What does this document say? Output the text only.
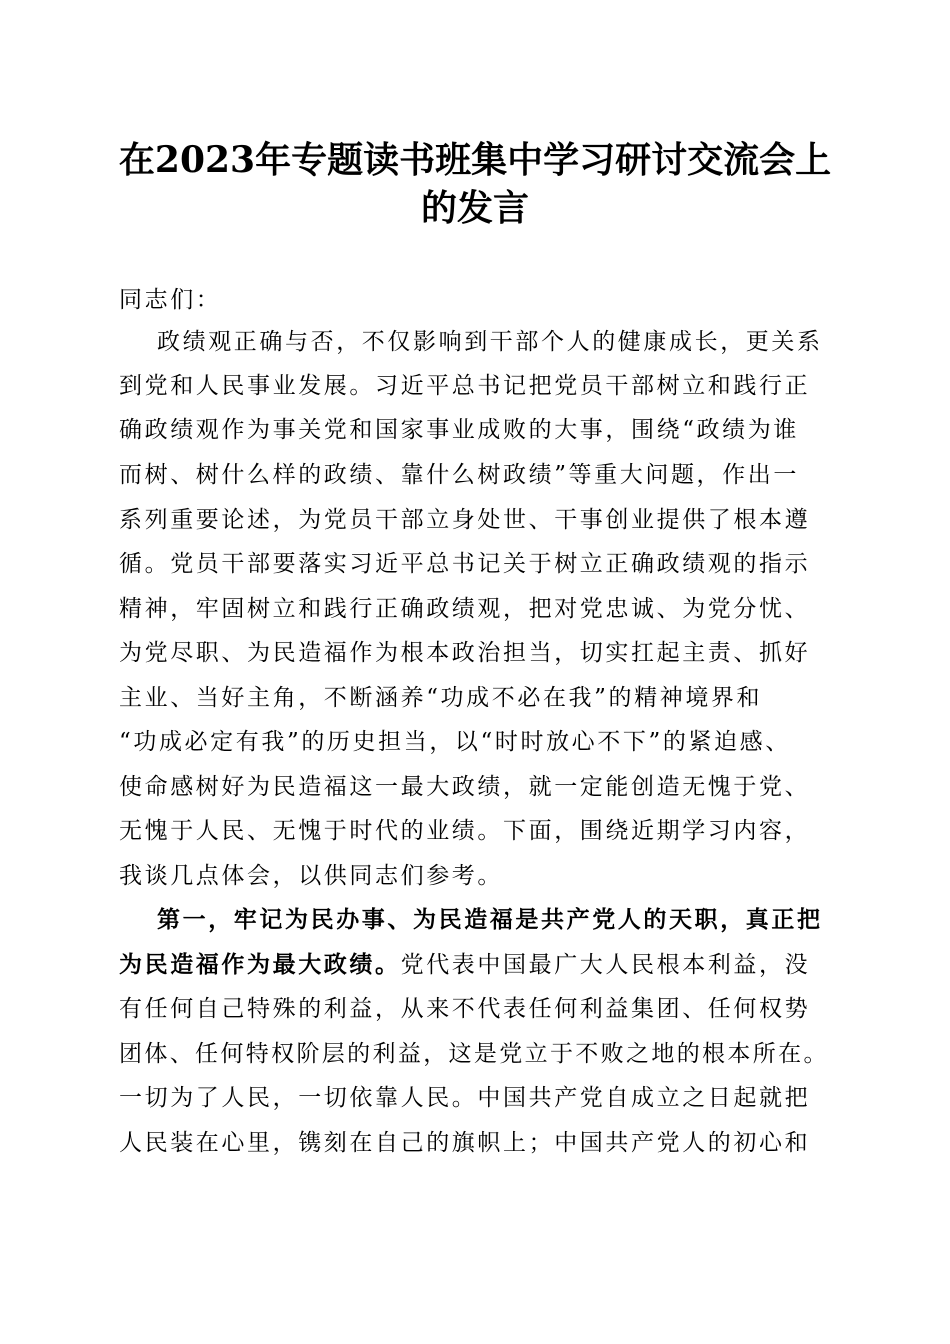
在2023年专题读书班集中学习研讨交流会上
的发言

同志们：

政绩观正确与否，不仅影响到干部个人的健康成长，更关系

到党和人民事业发展。习近平总书记把党员干部树立和践行正

确政绩观作为事关党和国家事业成败的大事，围绕“政绩为谁

而树、树什么样的政绩、靠什么树政绩”等重大问题，作出一

系列重要论述，为党员干部立身处世、干事创业提供了根本遵

循。党员干部要落实习近平总书记关于树立正确政绩观的指示

精神，牢固树立和践行正确政绩观，把对党忠诚、为党分忧、

为党尽职、为民造福作为根本政治担当，切实扛起主责、抓好

主业、当好主角，不断涵养“功成不必在我”的精神境界和

“功成必定有我”的历史担当，以“时时放心不下”的紧迫感、

使命感树好为民造福这一最大政绩，就一定能创造无愧于党、

无愧于人民、无愧于时代的业绩。下面，围绕近期学习内容，

我谈几点体会，以供同志们参考。

第一，牢记为民办事、为民造福是共产党人的天职，真正把

为民造福作为最大政绩。党代表中国最广大人民根本利益，没

有任何自己特殊的利益，从来不代表任何利益集团、任何权势

团体、任何特权阶层的利益，这是党立于不败之地的根本所在。

一切为了人民，一切依靠人民。中国共产党自成立之日起就把

人民装在心里，镌刻在自己的旗帜上；中国共产党人的初心和
